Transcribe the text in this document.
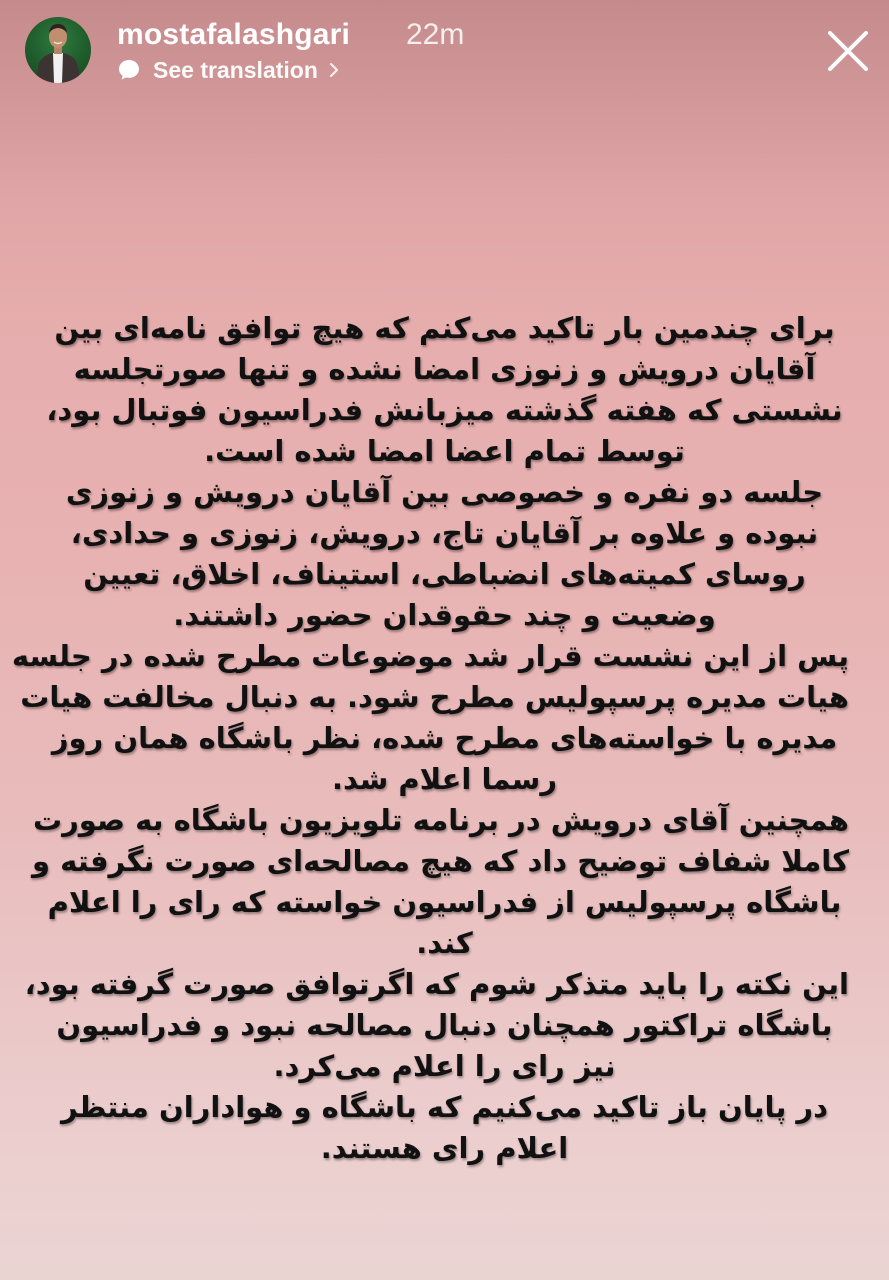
mostafalashgari 22m
See translation

برای چندمین بار تاکید می‌کنم که هیچ توافق نامه‌ای بین
آقایان درویش و زنوزی امضا نشده و تنها صورتجلسه
نشستی که هفته گذشته میزبانش فدراسیون فوتبال بود،
توسط تمام اعضا امضا شده است.

جلسه دو نفره و خصوصی بین آقایان درویش و زنوزی
نبوده و علاوه بر آقایان تاج، درویش، زنوزی و حدادی،
روسای کمیته‌های انضباطی، استیناف، اخلاق، تعیین
وضعیت و چند حقوقدان حضور داشتند.

پس از این نشست قرار شد موضوعات مطرح شده در جلسه
هیات مدیره پرسپولیس مطرح شود. به دنبال مخالفت هیات
مدیره با خواسته‌های مطرح شده، نظر باشگاه همان روز
رسما اعلام شد.

همچنین آقای درویش در برنامه تلویزیون باشگاه به صورت
کاملا شفاف توضیح داد که هیچ مصالحه‌ای صورت نگرفته و
باشگاه پرسپولیس از فدراسیون خواسته که رای را اعلام
کند.

این نکته را باید متذکر شوم که اگرتوافق صورت گرفته بود،
باشگاه تراکتور همچنان دنبال مصالحه نبود و فدراسیون
نیز رای را اعلام می‌کرد.

در پایان باز تاکید می‌کنیم که باشگاه و هواداران منتظر
اعلام رای هستند.
